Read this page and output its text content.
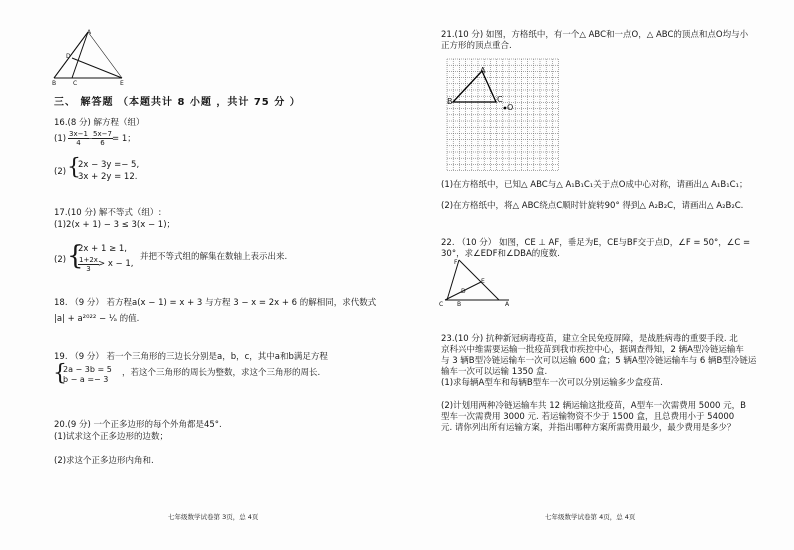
A
D
B	C	E
三、 解答题 （本题共计 8 小题 ，共计 75 分 ）
16.(8 分) 解方程（组）
$(1) \frac{3x-1}{4}$
−
$\frac{5x-7}{6} = 1$；
(2) {
2x − 3y =− 5,
3x + 2y = 12.
17.(10 分) 解不等式（组）:
(1)2(x + 1) − 3 ≤ 3(x − 1)；
(2) {
2x + 1 ≥ 1,
$\frac{1+2x}{3} > x - 1$,
并把不等式组的解集在数轴上表示出来.
18. （9 分） 若方程a(x − 1) = x + 3 与方程 3 − x = 2x + 6 的解相同，求代数式
|a| + a²⁰²² − ¹⁄ₐ 的值.
19. （9 分） 若一个三角形的三边长分别是a，b，c，其中a和b满足方程
{
2a − 3b = 5
b − a =− 3
，若这个三角形的周长为整数，求这个三角形的周长.
20.(9 分) 一个正多边形的每个外角都是45°.
(1)试求这个正多边形的边数；
(2)求这个正多边形内角和.
七年级数学试卷第 3页，总 4页
21.(10 分) 如图，方格纸中，有一个△ ABC和一点O，△ ABC的顶点和点O均与小
正方形的顶点重合.
A
B	C
O
(1)在方格纸中，已知△ ABC与△ A₁B₁C₁关于点O成中心对称，请画出△ A₁B₁C₁；
(2)在方格纸中，将△ ABC绕点C顺时针旋转90° 得到△ A₂B₂C，请画出△ A₂B₂C.
22. （10 分） 如图，CE ⊥ AF，垂足为E，CE与BF交于点D，∠F = 50°，∠C =
30°，求∠EDF和∠DBA的度数.
F
E
D
C B	A
23.(10 分) 抗种新冠病毒疫苗，建立全民免疫屏障，是战胜病毒的重要手段. 北
京科兴中维需要运输一批疫苗到我市疾控中心，据调查得知，2 辆A型冷链运输车
与 3 辆B型冷链运输车一次可以运输 600 盒；5 辆A型冷链运输车与 6 辆B型冷链运
输车一次可以运输 1350 盒.
(1)求每辆A型车和每辆B型车一次可以分别运输多少盒疫苗.
(2)计划用两种冷链运输车共 12 辆运输这批疫苗，A型车一次需费用 5000 元，B
型车一次需费用 3000 元. 若运输物资不少于 1500 盒，且总费用小于 54000
元. 请你列出所有运输方案，并指出哪种方案所需费用最少，最少费用是多少？
七年级数学试卷第 4页，总 4页
